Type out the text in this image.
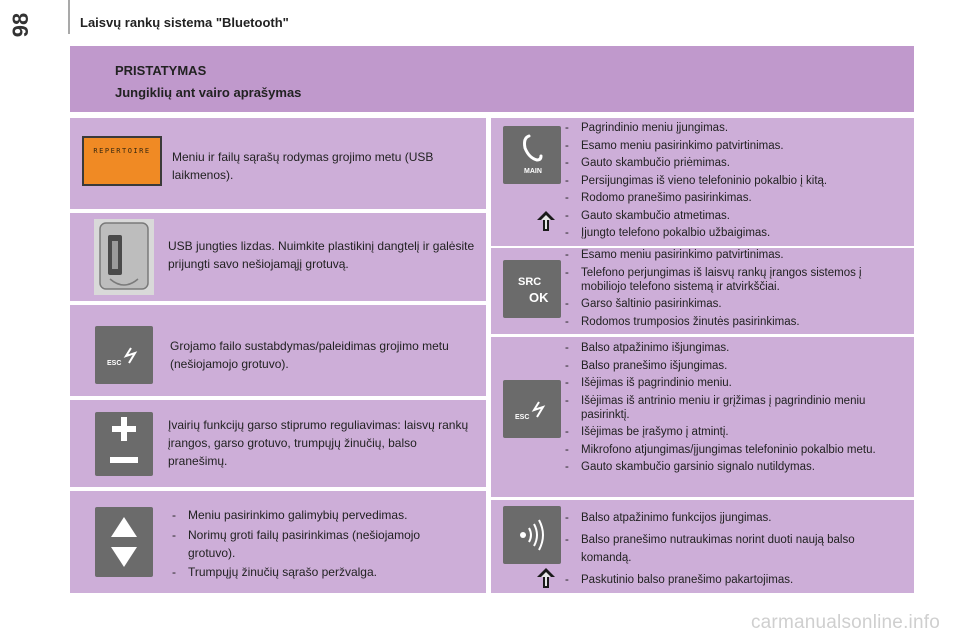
98	Laisvų rankų sistema "Bluetooth"
PRISTATYMAS
Jungiklių ant vairo aprašymas
REPERTOIRE	Meniu ir failų sąrašų rodymas grojimo metu (USB laikmenos).
USB jungties lizdas. Nuimkite plastikinį dangtelį ir galėsite prijungti savo nešiojamąjį grotuvą.
ESC
Grojamo failo sustabdymas/paleidimas grojimo metu (nešiojamojo grotuvo).
Įvairių funkcijų garso stiprumo reguliavimas: laisvų rankų įrangos, garso grotuvo, trumpųjų žinučių, balso pranešimų.
- Meniu pasirinkimo galimybių pervedimas.
- Norimų groti failų pasirinkimas (nešiojamojo grotuvo).
- Trumpųjų žinučių sąrašo peržvalga.
MAIN
- Pagrindinio meniu įjungimas.
- Esamo meniu pasirinkimo patvirtinimas.
- Gauto skambučio priėmimas.
- Persijungimas iš vieno telefoninio pokalbio į kitą.
- Rodomo pranešimo pasirinkimas.
- Gauto skambučio atmetimas.
- Įjungto telefono pokalbio užbaigimas.
SRC
OK
- Esamo meniu pasirinkimo patvirtinimas.
- Telefono perjungimas iš laisvų rankų įrangos sistemos į mobiliojo telefono sistemą ir atvirkščiai.
- Garso šaltinio pasirinkimas.
- Rodomos trumposios žinutės pasirinkimas.
ESC
- Balso atpažinimo išjungimas.
- Balso pranešimo išjungimas.
- Išėjimas iš pagrindinio meniu.
- Išėjimas iš antrinio meniu ir grįžimas į pagrindinio meniu pasirinktį.
- Išėjimas be įrašymo į atmintį.
- Mikrofono atjungimas/įjungimas telefoninio pokalbio metu.
- Gauto skambučio garsinio signalo nutildymas.
- Balso atpažinimo funkcijos įjungimas.
- Balso pranešimo nutraukimas norint duoti naują balso komandą.
- Paskutinio balso pranešimo pakartojimas.
carmanualsonline.info
